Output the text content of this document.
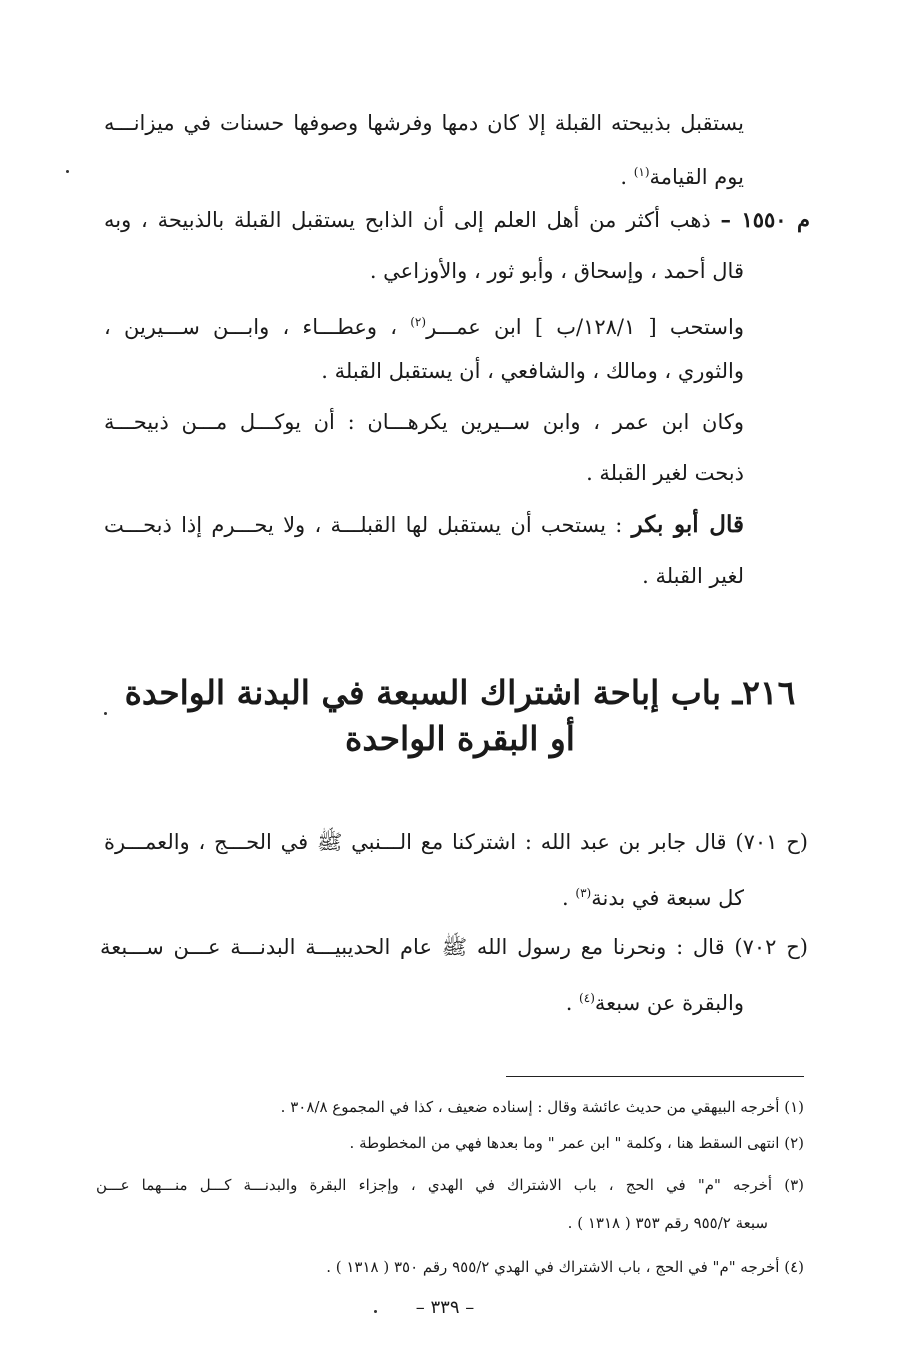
يستقبل بذبيحته القبلة إلا كان دمها وفرشها وصوفها حسنات في ميزانـــه
يوم القيامة$^{(١)}$ .
م ١٥٥٠ – ذهب أكثر من أهل العلم إلى أن الذابح يستقبل القبلة بالذبيحة ، وبه
قال أحمد ، وإسحاق ، وأبو ثور ، والأوزاعي .
واستحب [ ١٢٨/١/ب ] ابن عمـــر$^{(٢)}$ ، وعطـــاء ، وابـــن ســـيرين ،
والثوري ، ومالك ، والشافعي ، أن يستقبل القبلة .
وكان ابن عمر ، وابن ســيرين يكرهـــان : أن يوكـــل مـــن ذبيحـــة
ذبحت لغير القبلة .
قال أبو بكر : يستحب أن يستقبل لها القبلـــة ، ولا يحـــرم إذا ذبحـــت
لغير القبلة .
٢١٦ـ باب إباحة اشتراك السبعة في البدنة الواحدة
أو البقرة الواحدة
(ح ٧٠١) قال جابر بن عبد الله : اشتركنا مع الـــنبي ﷺ في الحـــج ، والعمـــرة
كل سبعة في بدنة$^{(٣)}$ .
(ح ٧٠٢) قال : ونحرنا مع رسول الله ﷺ عام الحديبيـــة البدنـــة عـــن ســـبعة
والبقرة عن سبعة$^{(٤)}$ .
(١) أخرجه البيهقي من حديث عائشة وقال : إسناده ضعيف ، كذا في المجموع ٣٠٨/٨ .
(٢) انتهى السقط هنا ، وكلمة " ابن عمر " وما بعدها فهي من المخطوطة .
(٣) أخرجه "م" في الحج ، باب الاشتراك في الهدي ، وإجزاء البقرة والبدنـــة كـــل منـــهما عـــن
سبعة ٩٥٥/٢ رقم ٣٥٣ ( ١٣١٨ ) .
(٤) أخرجه "م" في الحج ، باب الاشتراك في الهدي ٩٥٥/٢ رقم ٣٥٠ ( ١٣١٨ ) .
– ٣٣٩ –
